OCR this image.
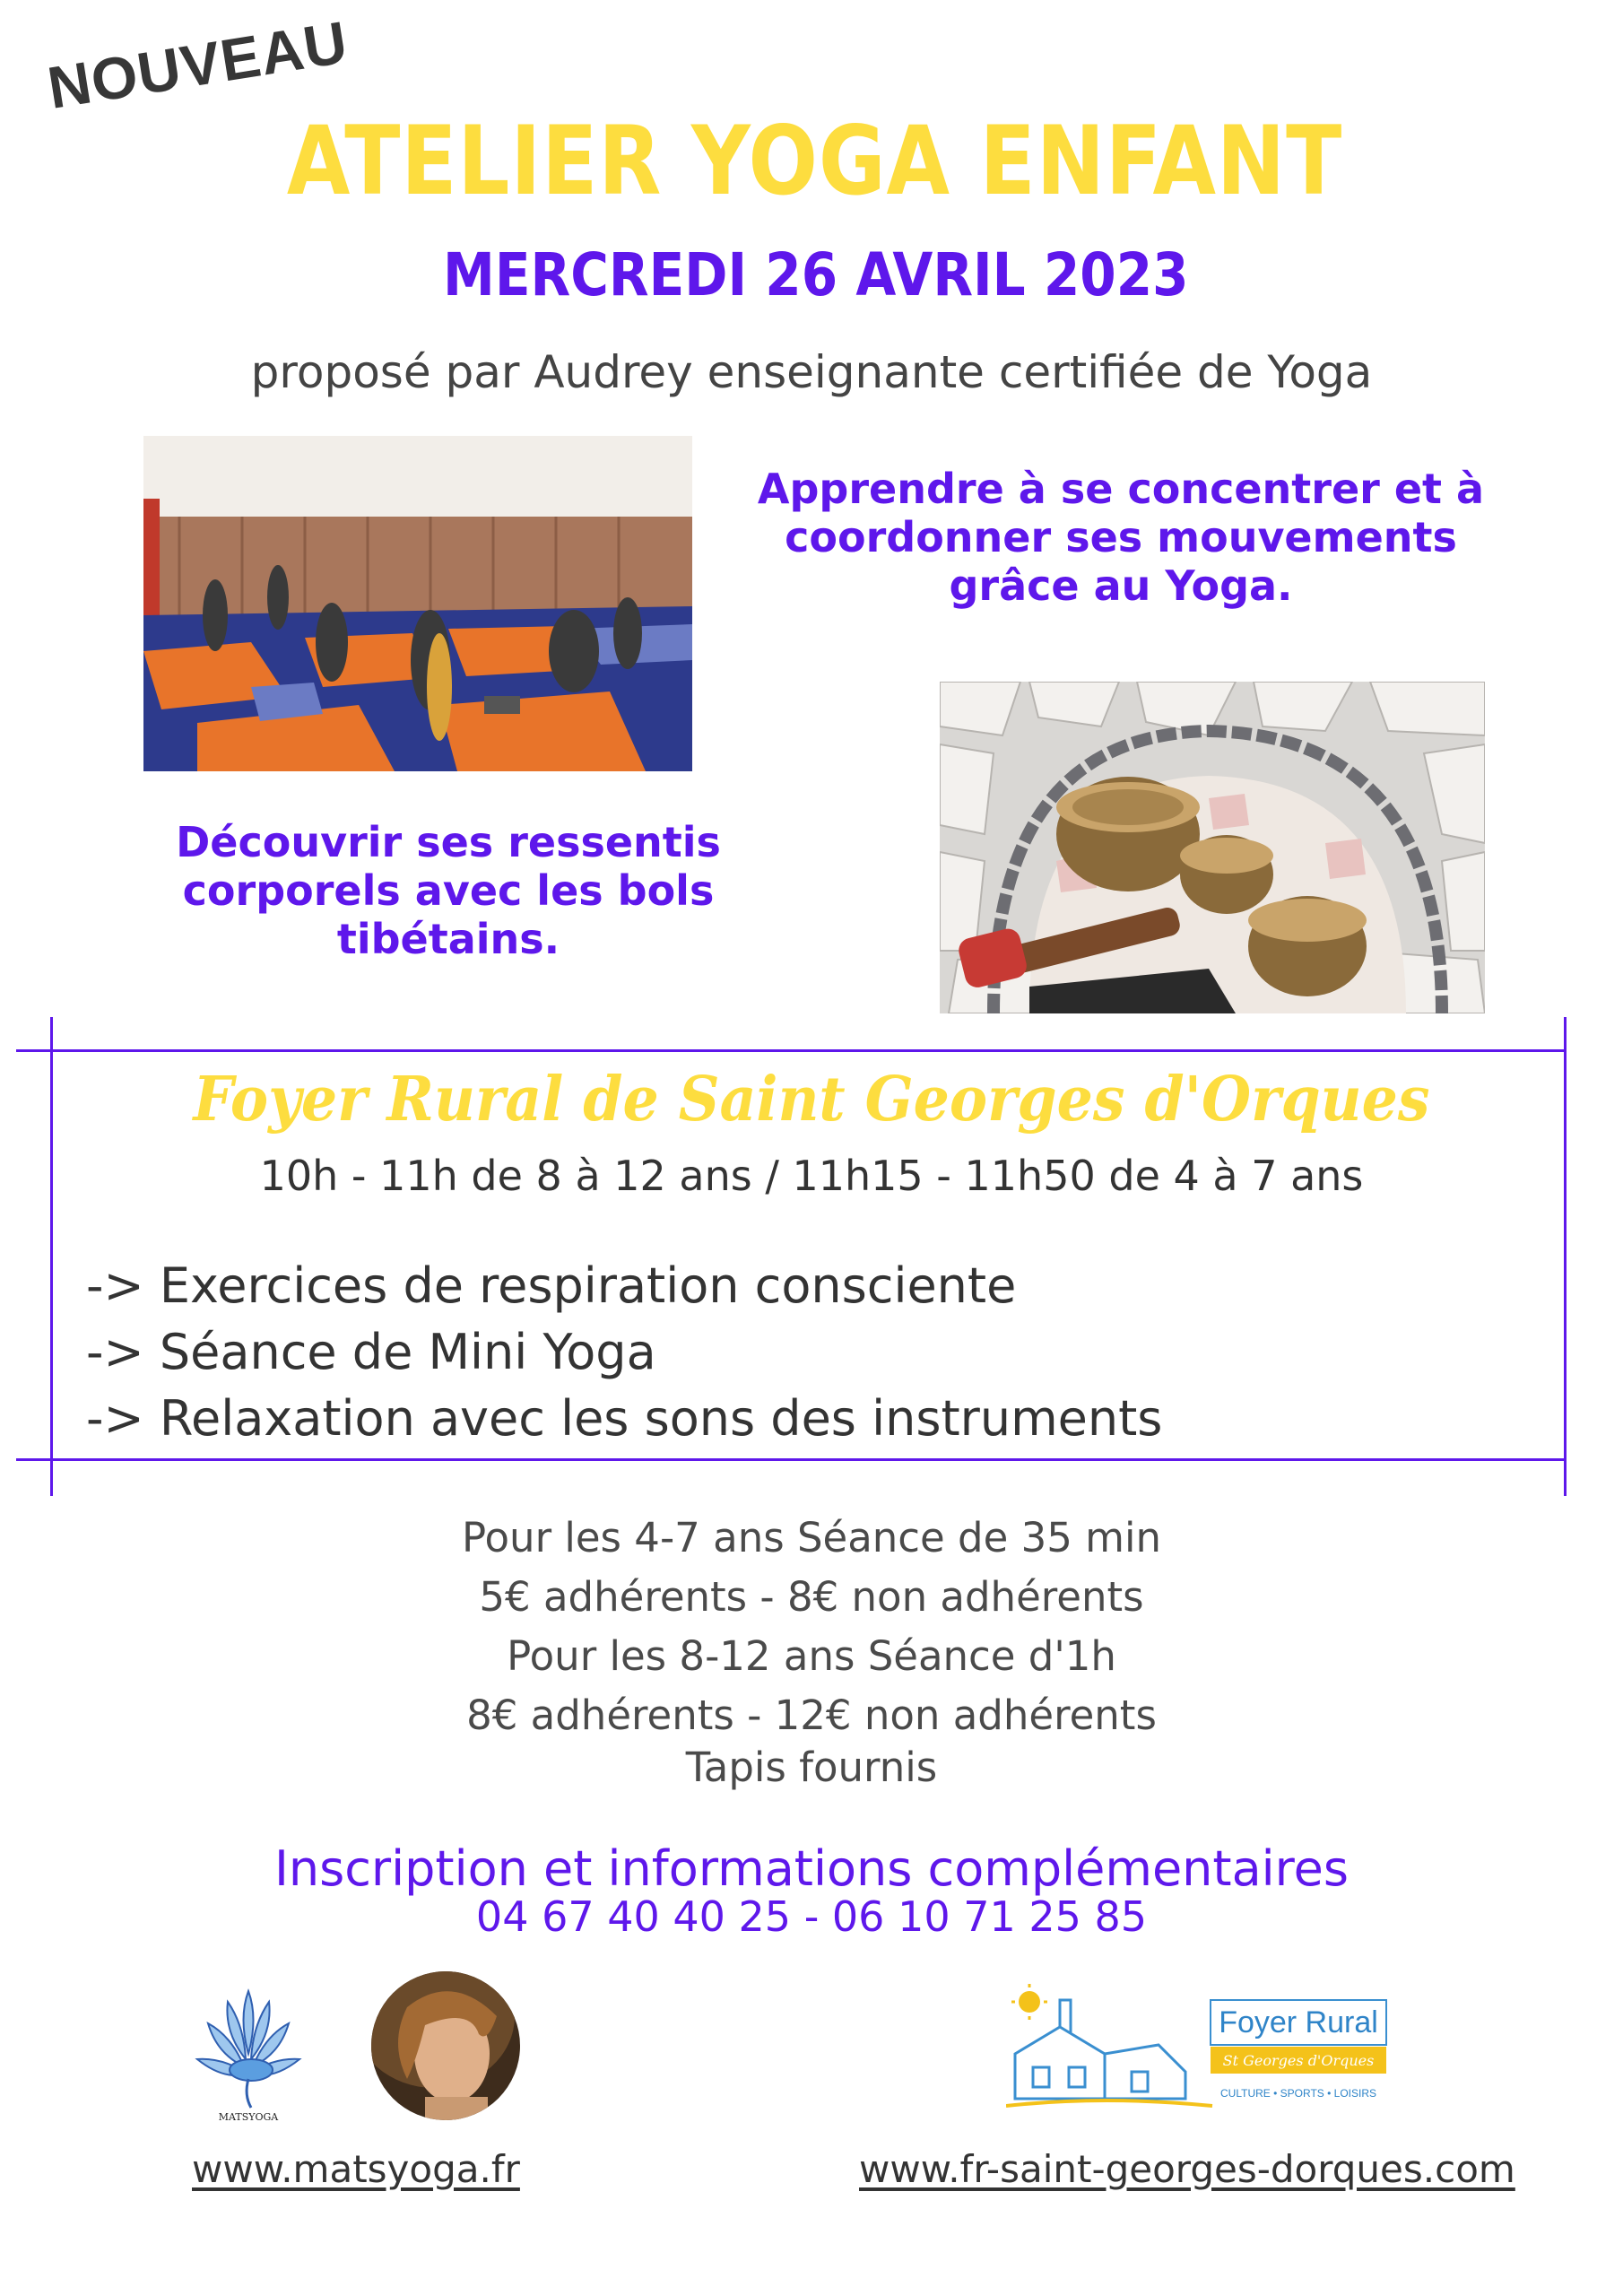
NOUVEAU
ATELIER YOGA ENFANT
MERCREDI 26 AVRIL 2023
proposé par Audrey enseignante certifiée de Yoga
Apprendre à se concentrer et à
coordonner ses mouvements
grâce au Yoga.
Découvrir ses ressentis
corporels avec les bols
tibétains.
Foyer Rural de Saint Georges d'Orques
10h - 11h de 8 à 12 ans / 11h15 - 11h50 de 4 à 7 ans
-> Exercices de respiration consciente
-> Séance de Mini Yoga
-> Relaxation avec les sons des instruments
Pour les 4-7 ans Séance de 35 min
5€ adhérents - 8€ non adhérents
Pour les 8-12 ans Séance d'1h
8€ adhérents - 12€ non adhérents
Tapis fournis
Inscription et informations complémentaires
04 67 40 40 25 - 06 10 71 25 85
MATSYOGA
Foyer Rural
St Georges d'Orques
CULTURE • SPORTS • LOISIRS
www.matsyoga.fr	www.fr-saint-georges-dorques.com
